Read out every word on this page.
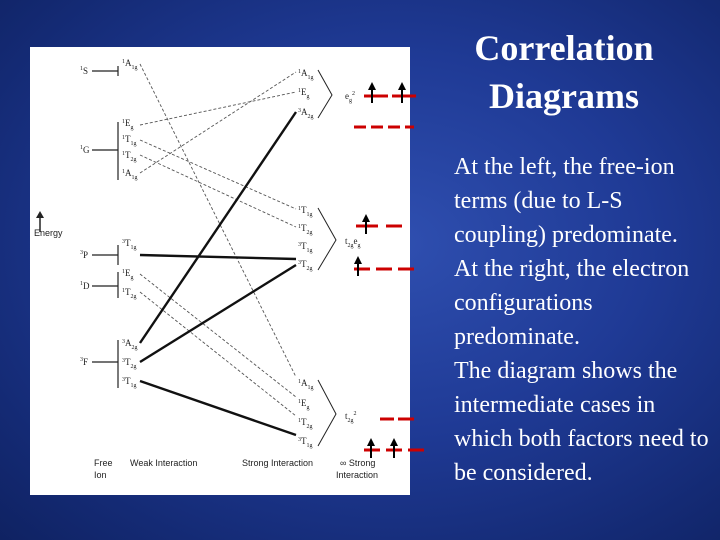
Energy
$^1$S
$^1$G
$^3$P
$^1$D
$^3$F
$^1A_{1g}$
$^1E_g$
$^1T_{1g}$
$^1T_{2g}$
$^1A_{1g}$
$^3T_{1g}$
$^1E_g$
$^1T_{2g}$
$^3A_{2g}$
$^3T_{2g}$
$^3T_{1g}$
$^1A_{1g}$
$^1E_g$
$^3A_{2g}$
$^1T_{1g}$
$^1T_{2g}$
$^3T_{1g}$
$^3T_{2g}$
$^1A_{1g}$
$^1E_g$
$^1T_{2g}$
$^3T_{1g}$
$e_g^2$
$t_{2g}e_g$
$t_{2g}^2$
Free
Ion
Weak Interaction	Strong Interaction	∞ Strong
Interaction
Correlation
Diagrams

At the left, the free-ion terms (due to L-S coupling) predominate.

At the right, the electron configurations predominate.

The diagram shows the intermediate cases in which both factors need to be considered.
